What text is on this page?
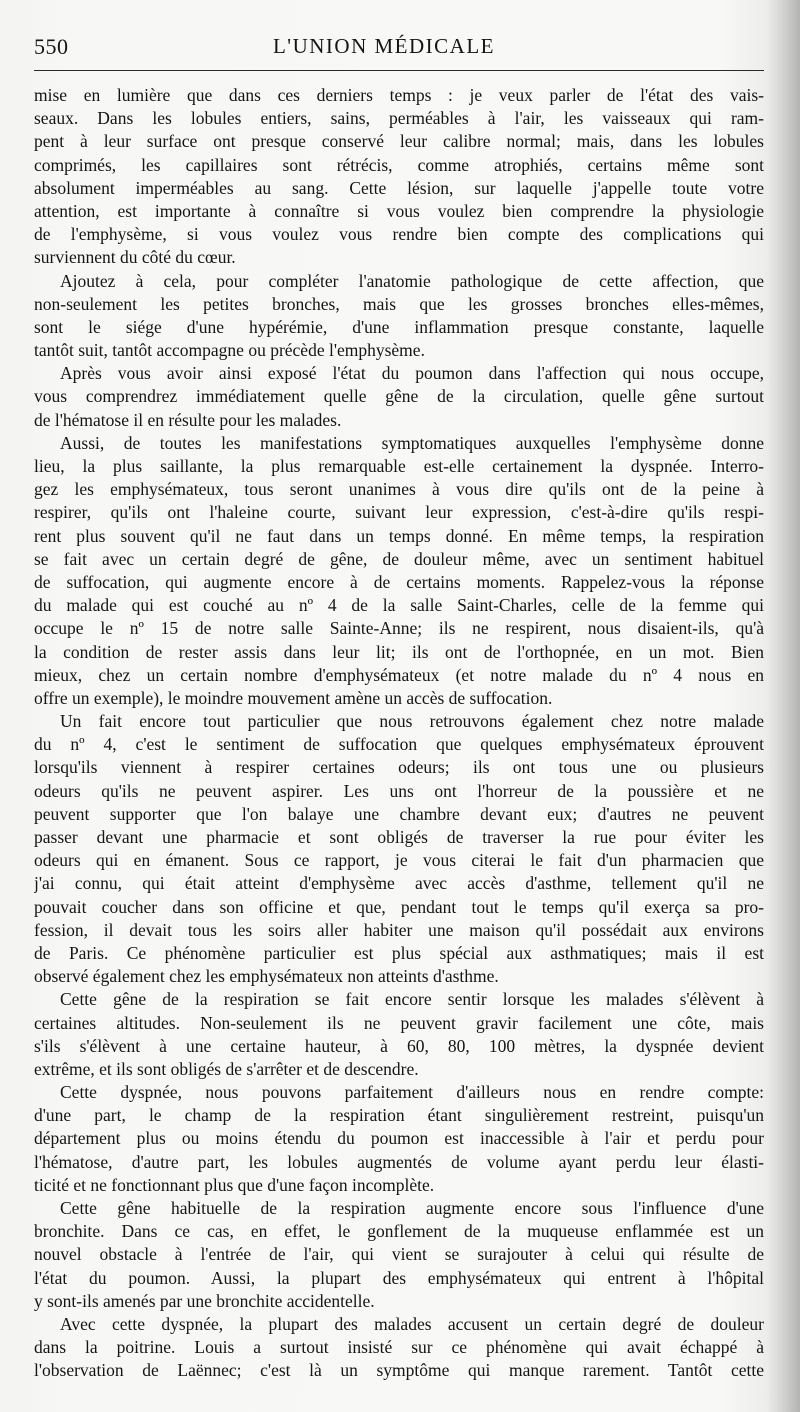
550	L'UNION MÉDICALE
mise en lumière que dans ces derniers temps : je veux parler de l'état des vais-
seaux. Dans les lobules entiers, sains, perméables à l'air, les vaisseaux qui ram-
pent à leur surface ont presque conservé leur calibre normal; mais, dans les lobules
comprimés, les capillaires sont rétrécis, comme atrophiés, certains même sont
absolument imperméables au sang. Cette lésion, sur laquelle j'appelle toute votre
attention, est importante à connaître si vous voulez bien comprendre la physiologie
de l'emphysème, si vous voulez vous rendre bien compte des complications qui
surviennent du côté du cœur.
Ajoutez à cela, pour compléter l'anatomie pathologique de cette affection, que
non-seulement les petites bronches, mais que les grosses bronches elles-mêmes,
sont le siége d'une hypérémie, d'une inflammation presque constante, laquelle
tantôt suit, tantôt accompagne ou précède l'emphysème.
Après vous avoir ainsi exposé l'état du poumon dans l'affection qui nous occupe,
vous comprendrez immédiatement quelle gêne de la circulation, quelle gêne surtout
de l'hématose il en résulte pour les malades.
Aussi, de toutes les manifestations symptomatiques auxquelles l'emphysème donne
lieu, la plus saillante, la plus remarquable est-elle certainement la dyspnée. Interro-
gez les emphysémateux, tous seront unanimes à vous dire qu'ils ont de la peine à
respirer, qu'ils ont l'haleine courte, suivant leur expression, c'est-à-dire qu'ils respi-
rent plus souvent qu'il ne faut dans un temps donné. En même temps, la respiration
se fait avec un certain degré de gêne, de douleur même, avec un sentiment habituel
de suffocation, qui augmente encore à de certains moments. Rappelez-vous la réponse
du malade qui est couché au nº 4 de la salle Saint-Charles, celle de la femme qui
occupe le nº 15 de notre salle Sainte-Anne; ils ne respirent, nous disaient-ils, qu'à
la condition de rester assis dans leur lit; ils ont de l'orthopnée, en un mot. Bien
mieux, chez un certain nombre d'emphysémateux (et notre malade du nº 4 nous en
offre un exemple), le moindre mouvement amène un accès de suffocation.
Un fait encore tout particulier que nous retrouvons également chez notre malade
du nº 4, c'est le sentiment de suffocation que quelques emphysémateux éprouvent
lorsqu'ils viennent à respirer certaines odeurs; ils ont tous une ou plusieurs
odeurs qu'ils ne peuvent aspirer. Les uns ont l'horreur de la poussière et ne
peuvent supporter que l'on balaye une chambre devant eux; d'autres ne peuvent
passer devant une pharmacie et sont obligés de traverser la rue pour éviter les
odeurs qui en émanent. Sous ce rapport, je vous citerai le fait d'un pharmacien que
j'ai connu, qui était atteint d'emphysème avec accès d'asthme, tellement qu'il ne
pouvait coucher dans son officine et que, pendant tout le temps qu'il exerça sa pro-
fession, il devait tous les soirs aller habiter une maison qu'il possédait aux environs
de Paris. Ce phénomène particulier est plus spécial aux asthmatiques; mais il est
observé également chez les emphysémateux non atteints d'asthme.
Cette gêne de la respiration se fait encore sentir lorsque les malades s'élèvent à
certaines altitudes. Non-seulement ils ne peuvent gravir facilement une côte, mais
s'ils s'élèvent à une certaine hauteur, à 60, 80, 100 mètres, la dyspnée devient
extrême, et ils sont obligés de s'arrêter et de descendre.
Cette dyspnée, nous pouvons parfaitement d'ailleurs nous en rendre compte:
d'une part, le champ de la respiration étant singulièrement restreint, puisqu'un
département plus ou moins étendu du poumon est inaccessible à l'air et perdu pour
l'hématose, d'autre part, les lobules augmentés de volume ayant perdu leur élasti-
ticité et ne fonctionnant plus que d'une façon incomplète.
Cette gêne habituelle de la respiration augmente encore sous l'influence d'une
bronchite. Dans ce cas, en effet, le gonflement de la muqueuse enflammée est un
nouvel obstacle à l'entrée de l'air, qui vient se surajouter à celui qui résulte de
l'état du poumon. Aussi, la plupart des emphysémateux qui entrent à l'hôpital
y sont-ils amenés par une bronchite accidentelle.
Avec cette dyspnée, la plupart des malades accusent un certain degré de douleur
dans la poitrine. Louis a surtout insisté sur ce phénomène qui avait échappé à
l'observation de Laënnec; c'est là un symptôme qui manque rarement. Tantôt cette
